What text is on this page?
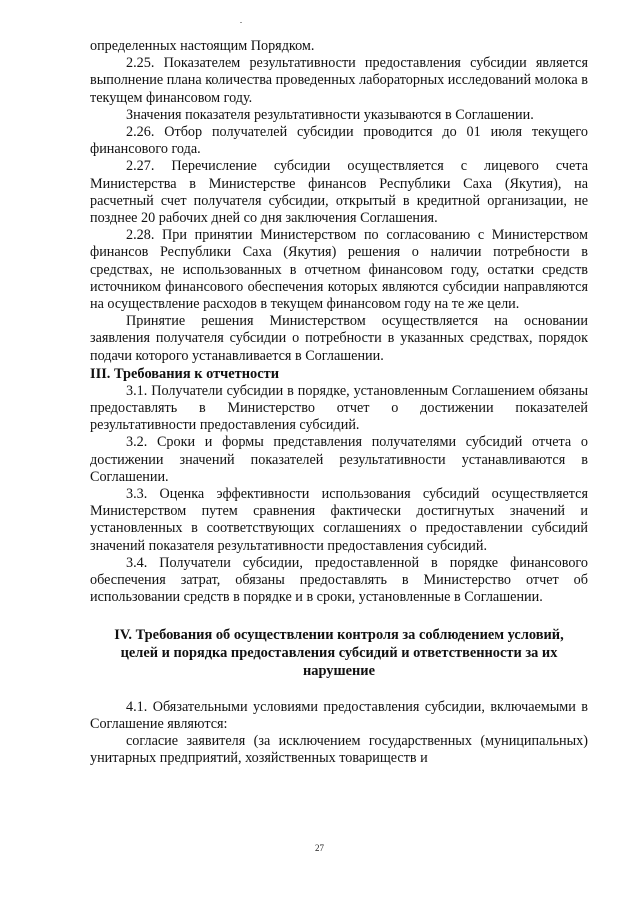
определенных настоящим Порядком.

2.25. Показателем результативности предоставления субсидии является выполнение плана количества проведенных лабораторных исследований молока в текущем финансовом году.

Значения показателя результативности указываются в Соглашении.

2.26. Отбор получателей субсидии проводится до 01 июля текущего финансового года.

2.27. Перечисление субсидии осуществляется с лицевого счета Министерства в Министерстве финансов Республики Саха (Якутия), на расчетный счет получателя субсидии, открытый в кредитной организации, не позднее 20 рабочих дней со дня заключения Соглашения.

2.28. При принятии Министерством по согласованию с Министерством финансов Республики Саха (Якутия) решения о наличии потребности в средствах, не использованных в отчетном финансовом году, остатки средств источником финансового обеспечения которых являются субсидии направляются на осуществление расходов в текущем финансовом году на те же цели.

Принятие решения Министерством осуществляется на основании заявления получателя субсидии о потребности в указанных средствах, порядок подачи которого устанавливается в Соглашении.

III. Требования к отчетности

3.1. Получатели субсидии в порядке, установленным Соглашением обязаны предоставлять в Министерство отчет о достижении показателей результативности предоставления субсидий.

3.2. Сроки и формы представления получателями субсидий отчета о достижении значений показателей результативности устанавливаются в Соглашении.

3.3. Оценка эффективности использования субсидий осуществляется Министерством путем сравнения фактически достигнутых значений и установленных в соответствующих соглашениях о предоставлении субсидий значений показателя результативности предоставления субсидий.

3.4. Получатели субсидии, предоставленной в порядке финансового обеспечения затрат, обязаны предоставлять в Министерство отчет об использовании средств в порядке и в сроки, установленные в Соглашении.

IV. Требования об осуществлении контроля за соблюдением условий,
целей и порядка предоставления субсидий и ответственности за их
нарушение

4.1. Обязательными условиями предоставления субсидии, включаемыми в Соглашение являются:

согласие заявителя (за исключением государственных (муниципальных) унитарных предприятий, хозяйственных товариществ и

27
